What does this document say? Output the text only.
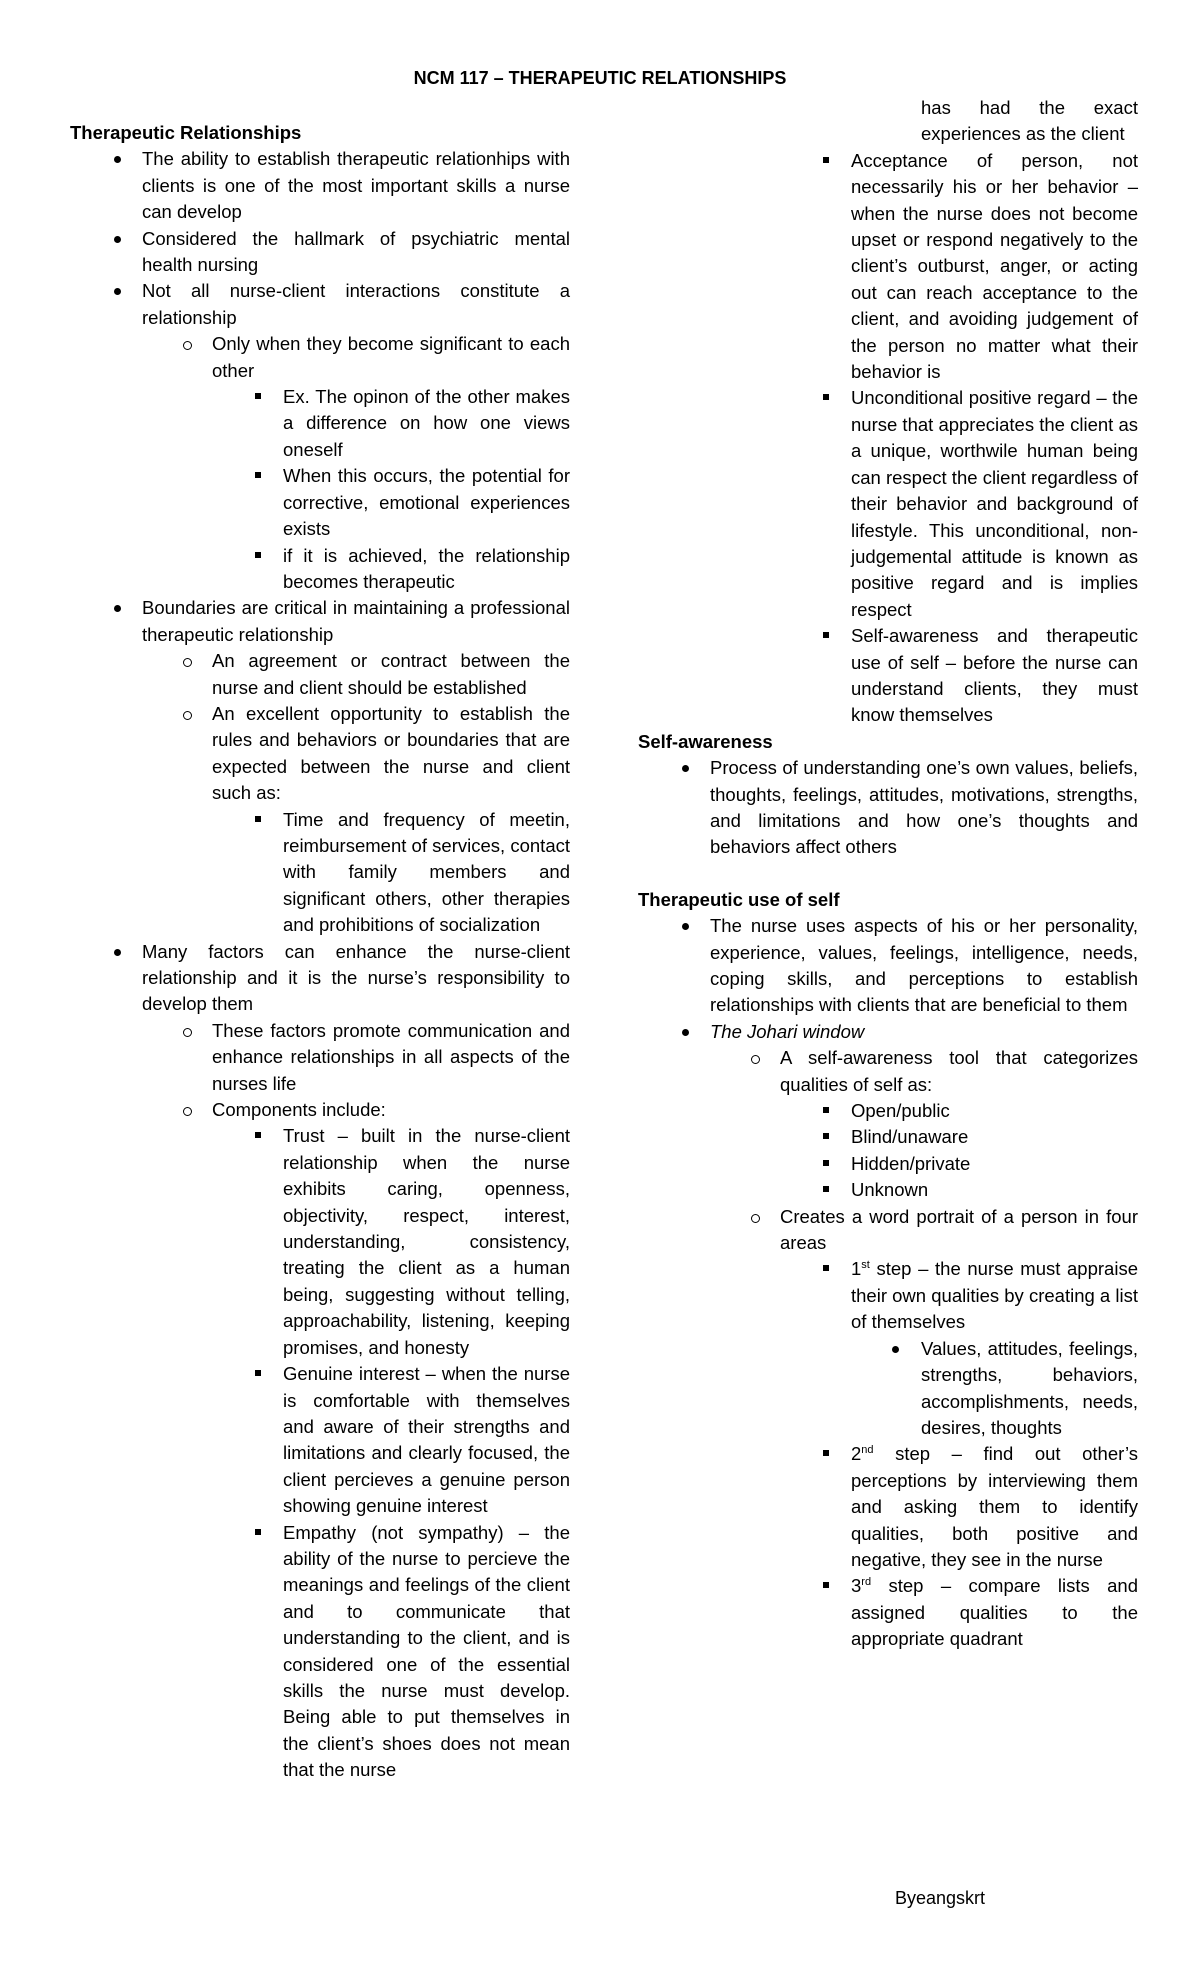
NCM 117 – THERAPEUTIC RELATIONSHIPS
Therapeutic Relationships
The ability to establish therapeutic relationhips with clients is one of the most important skills a nurse can develop
Considered the hallmark of psychiatric mental health nursing
Not all nurse-client interactions constitute a relationship
Only when they become significant to each other
Ex. The opinon of the other makes a difference on how one views oneself
When this occurs, the potential for corrective, emotional experiences exists
if it is achieved, the relationship becomes therapeutic
Boundaries are critical in maintaining a professional therapeutic relationship
An agreement or contract between the nurse and client should be established
An excellent opportunity to establish the rules and behaviors or boundaries that are expected between the nurse and client such as:
Time and frequency of meetin, reimbursement of services, contact with family members and significant others, other therapies and prohibitions of socialization
Many factors can enhance the nurse-client relationship and it is the nurse’s responsibility to develop them
These factors promote communication and enhance relationships in all aspects of the nurses life
Components include:
Trust – built in the nurse-client relationship when the nurse exhibits caring, openness, objectivity, respect, interest, understanding, consistency, treating the client as a human being, suggesting without telling, approachability, listening, keeping promises, and honesty
Genuine interest – when the nurse is comfortable with themselves and aware of their strengths and limitations and clearly focused, the client percieves a genuine person showing genuine interest
Empathy (not sympathy) – the ability of the nurse to percieve the meanings and feelings of the client and to communicate that understanding to the client, and is considered one of the essential skills the nurse must develop. Being able to put themselves in the client’s shoes does not mean that the nurse
has had the exact experiences as the client
Acceptance of person, not necessarily his or her behavior – when the nurse does not become upset or respond negatively to the client’s outburst, anger, or acting out can reach acceptance to the client, and avoiding judgement of the person no matter what their behavior is
Unconditional positive regard – the nurse that appreciates the client as a unique, worthwile human being can respect the client regardless of their behavior and background of lifestyle. This unconditional, non-judgemental attitude is known as positive regard and is implies respect
Self-awareness and therapeutic use of self – before the nurse can understand clients, they must know themselves
Self-awareness
Process of understanding one’s own values, beliefs, thoughts, feelings, attitudes, motivations, strengths, and limitations and how one’s thoughts and behaviors affect others
Therapeutic use of self
The nurse uses aspects of his or her personality, experience, values, feelings, intelligence, needs, coping skills, and perceptions to establish relationships with clients that are beneficial to them
The Johari window
A self-awareness tool that categorizes qualities of self as:
Open/public
Blind/unaware
Hidden/private
Unknown
Creates a word portrait of a person in four areas
1st step – the nurse must appraise their own qualities by creating a list of themselves
Values, attitudes, feelings, strengths, behaviors, accomplishments, needs, desires, thoughts
2nd step – find out other’s perceptions by interviewing them and asking them to identify qualities, both positive and negative, they see in the nurse
3rd step – compare lists and assigned qualities to the appropriate quadrant
Byeangskrt
